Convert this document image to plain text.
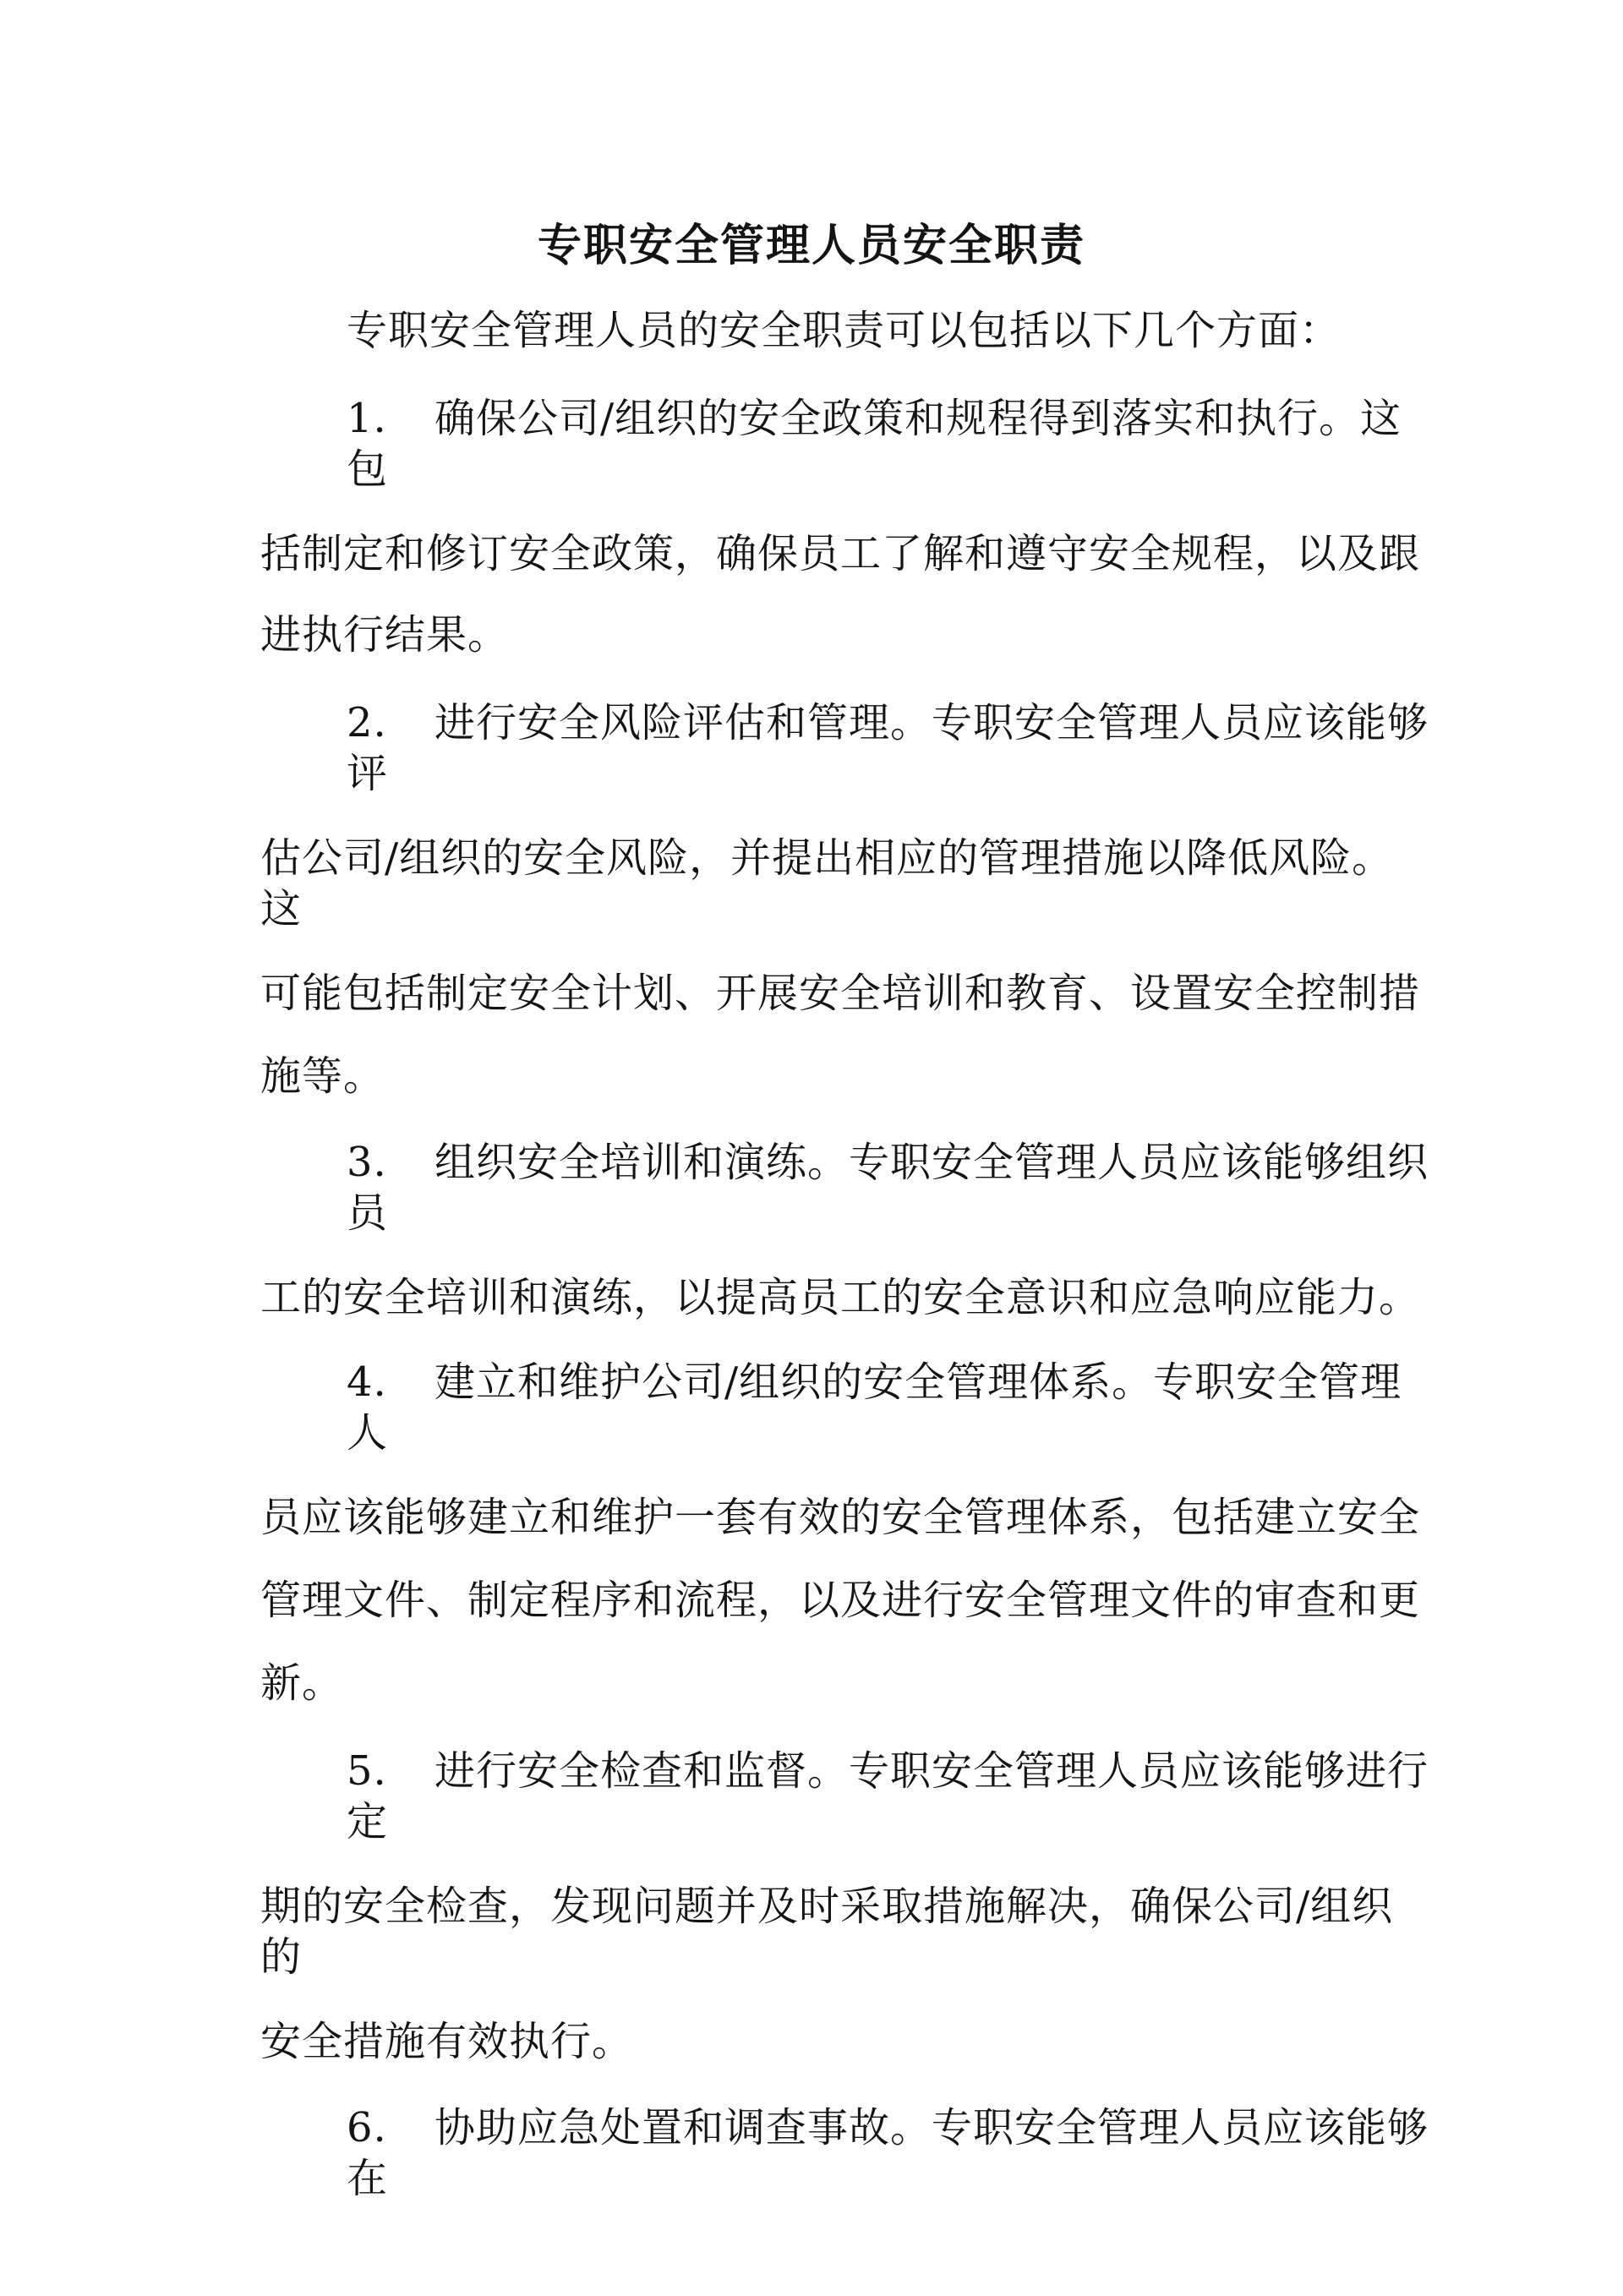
专职安全管理人员安全职责
专职安全管理人员的安全职责可以包括以下几个方面：
1. 确保公司/组织的安全政策和规程得到落实和执行。这
包
括制定和修订安全政策，确保员工了解和遵守安全规程，以及跟
进执行结果。
2. 进行安全风险评估和管理。专职安全管理人员应该能够
评
估公司/组织的安全风险，并提出相应的管理措施以降低风险。
这
可能包括制定安全计划、开展安全培训和教育、设置安全控制措
施等。
3. 组织安全培训和演练。专职安全管理人员应该能够组织
员
工的安全培训和演练，以提高员工的安全意识和应急响应能力。
4. 建立和维护公司/组织的安全管理体系。专职安全管理
人
员应该能够建立和维护一套有效的安全管理体系，包括建立安全
管理文件、制定程序和流程，以及进行安全管理文件的审查和更
新。
5. 进行安全检查和监督。专职安全管理人员应该能够进行
定
期的安全检查，发现问题并及时采取措施解决，确保公司/组织
的
安全措施有效执行。
6. 协助应急处置和调查事故。专职安全管理人员应该能够
在
